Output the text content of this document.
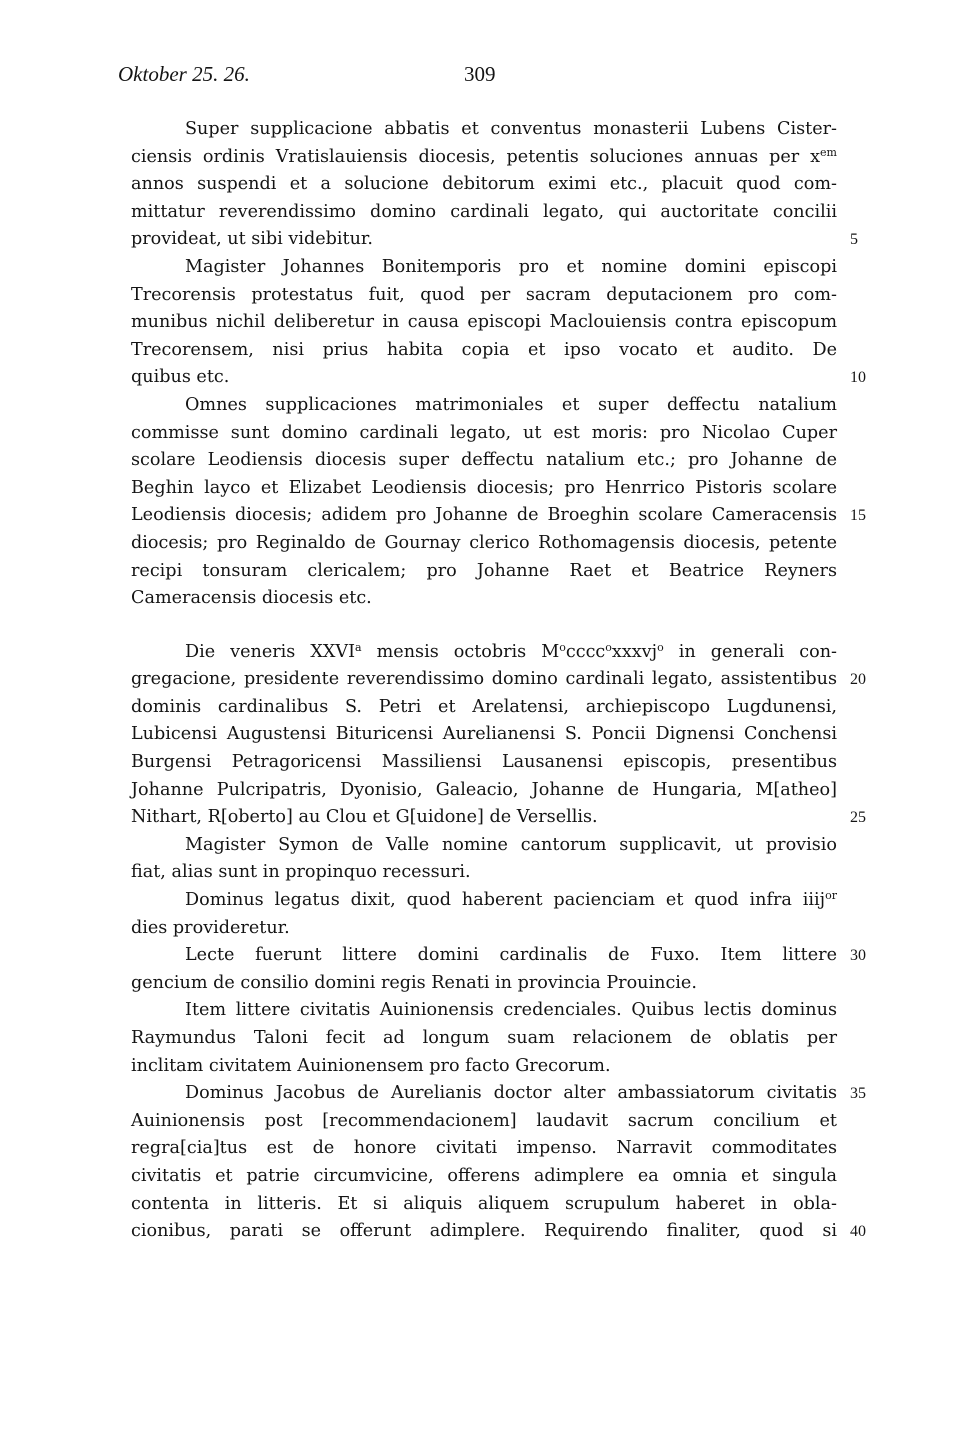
Oktober 25. 26.	309
Super supplicacione abbatis et conventus monasterii Lubens Cister-
ciensis ordinis Vratislauiensis diocesis, petentis soluciones annuas per $x^{em}$
annos suspendi et a solucione debitorum eximi etc., placuit quod com-
mittatur reverendissimo domino cardinali legato, qui auctoritate concilii
provideat, ut sibi videbitur.	5
Magister Johannes Bonitemporis pro et nomine domini episcopi
Trecorensis protestatus fuit, quod per sacram deputacionem pro com-
munibus nichil deliberetur in causa episcopi Maclouiensis contra episcopum
Trecorensem, nisi prius habita copia et ipso vocato et audito. De
quibus etc.	10
Omnes supplicaciones matrimoniales et super deffectu natalium
commisse sunt domino cardinali legato, ut est moris: pro Nicolao Cuper
scolare Leodiensis diocesis super deffectu natalium etc.; pro Johanne de
Beghin layco et Elizabet Leodiensis diocesis; pro Henrrico Pistoris scolare
Leodiensis diocesis; adidem pro Johanne de Broeghin scolare Cameracensis 15
diocesis; pro Reginaldo de Gournay clerico Rothomagensis diocesis, petente
recipi tonsuram clericalem; pro Johanne Raet et Beatrice Reyners
Cameracensis diocesis etc.
Die veneris XXVI$^a$ mensis octobris $M^occcc^oxxxvj^o$ in generali con-
gregacione, presidente reverendissimo domino cardinali legato, assistentibus 20
dominis cardinalibus S. Petri et Arelatensi, archiepiscopo Lugdunensi,
Lubicensi Augustensi Bituricensi Aurelianensi S. Poncii Dignensi Conchensi
Burgensi Petragoricensi Massiliensi Lausanensi episcopis, presentibus
Johanne Pulcripatris, Dyonisio, Galeacio, Johanne de Hungaria, M[atheo]
Nithart, R[oberto] au Clou et G[uidone] de Versellis.	25
Magister Symon de Valle nomine cantorum supplicavit, ut provisio
fiat, alias sunt in propinquo recessuri.
Dominus legatus dixit, quod haberent pacienciam et quod infra iiij$^{or}$
dies provideretur.
Lecte fuerunt littere domini cardinalis de Fuxo. Item littere 30
gencium de consilio domini regis Renati in provincia Prouincie.
Item littere civitatis Auinionensis credenciales. Quibus lectis dominus
Raymundus Taloni fecit ad longum suam relacionem de oblatis per
inclitam civitatem Auinionensem pro facto Grecorum.
Dominus Jacobus de Aurelianis doctor alter ambassiatorum civitatis 35
Auinionensis post [recommendacionem] laudavit sacrum concilium et
regra[cia]tus est de honore civitati impenso. Narravit commoditates
civitatis et patrie circumvicine, offerens adimplere ea omnia et singula
contenta in litteris. Et si aliquis aliquem scrupulum haberet in obla-
cionibus, parati se offerunt adimplere. Requirendo finaliter, quod si 40
